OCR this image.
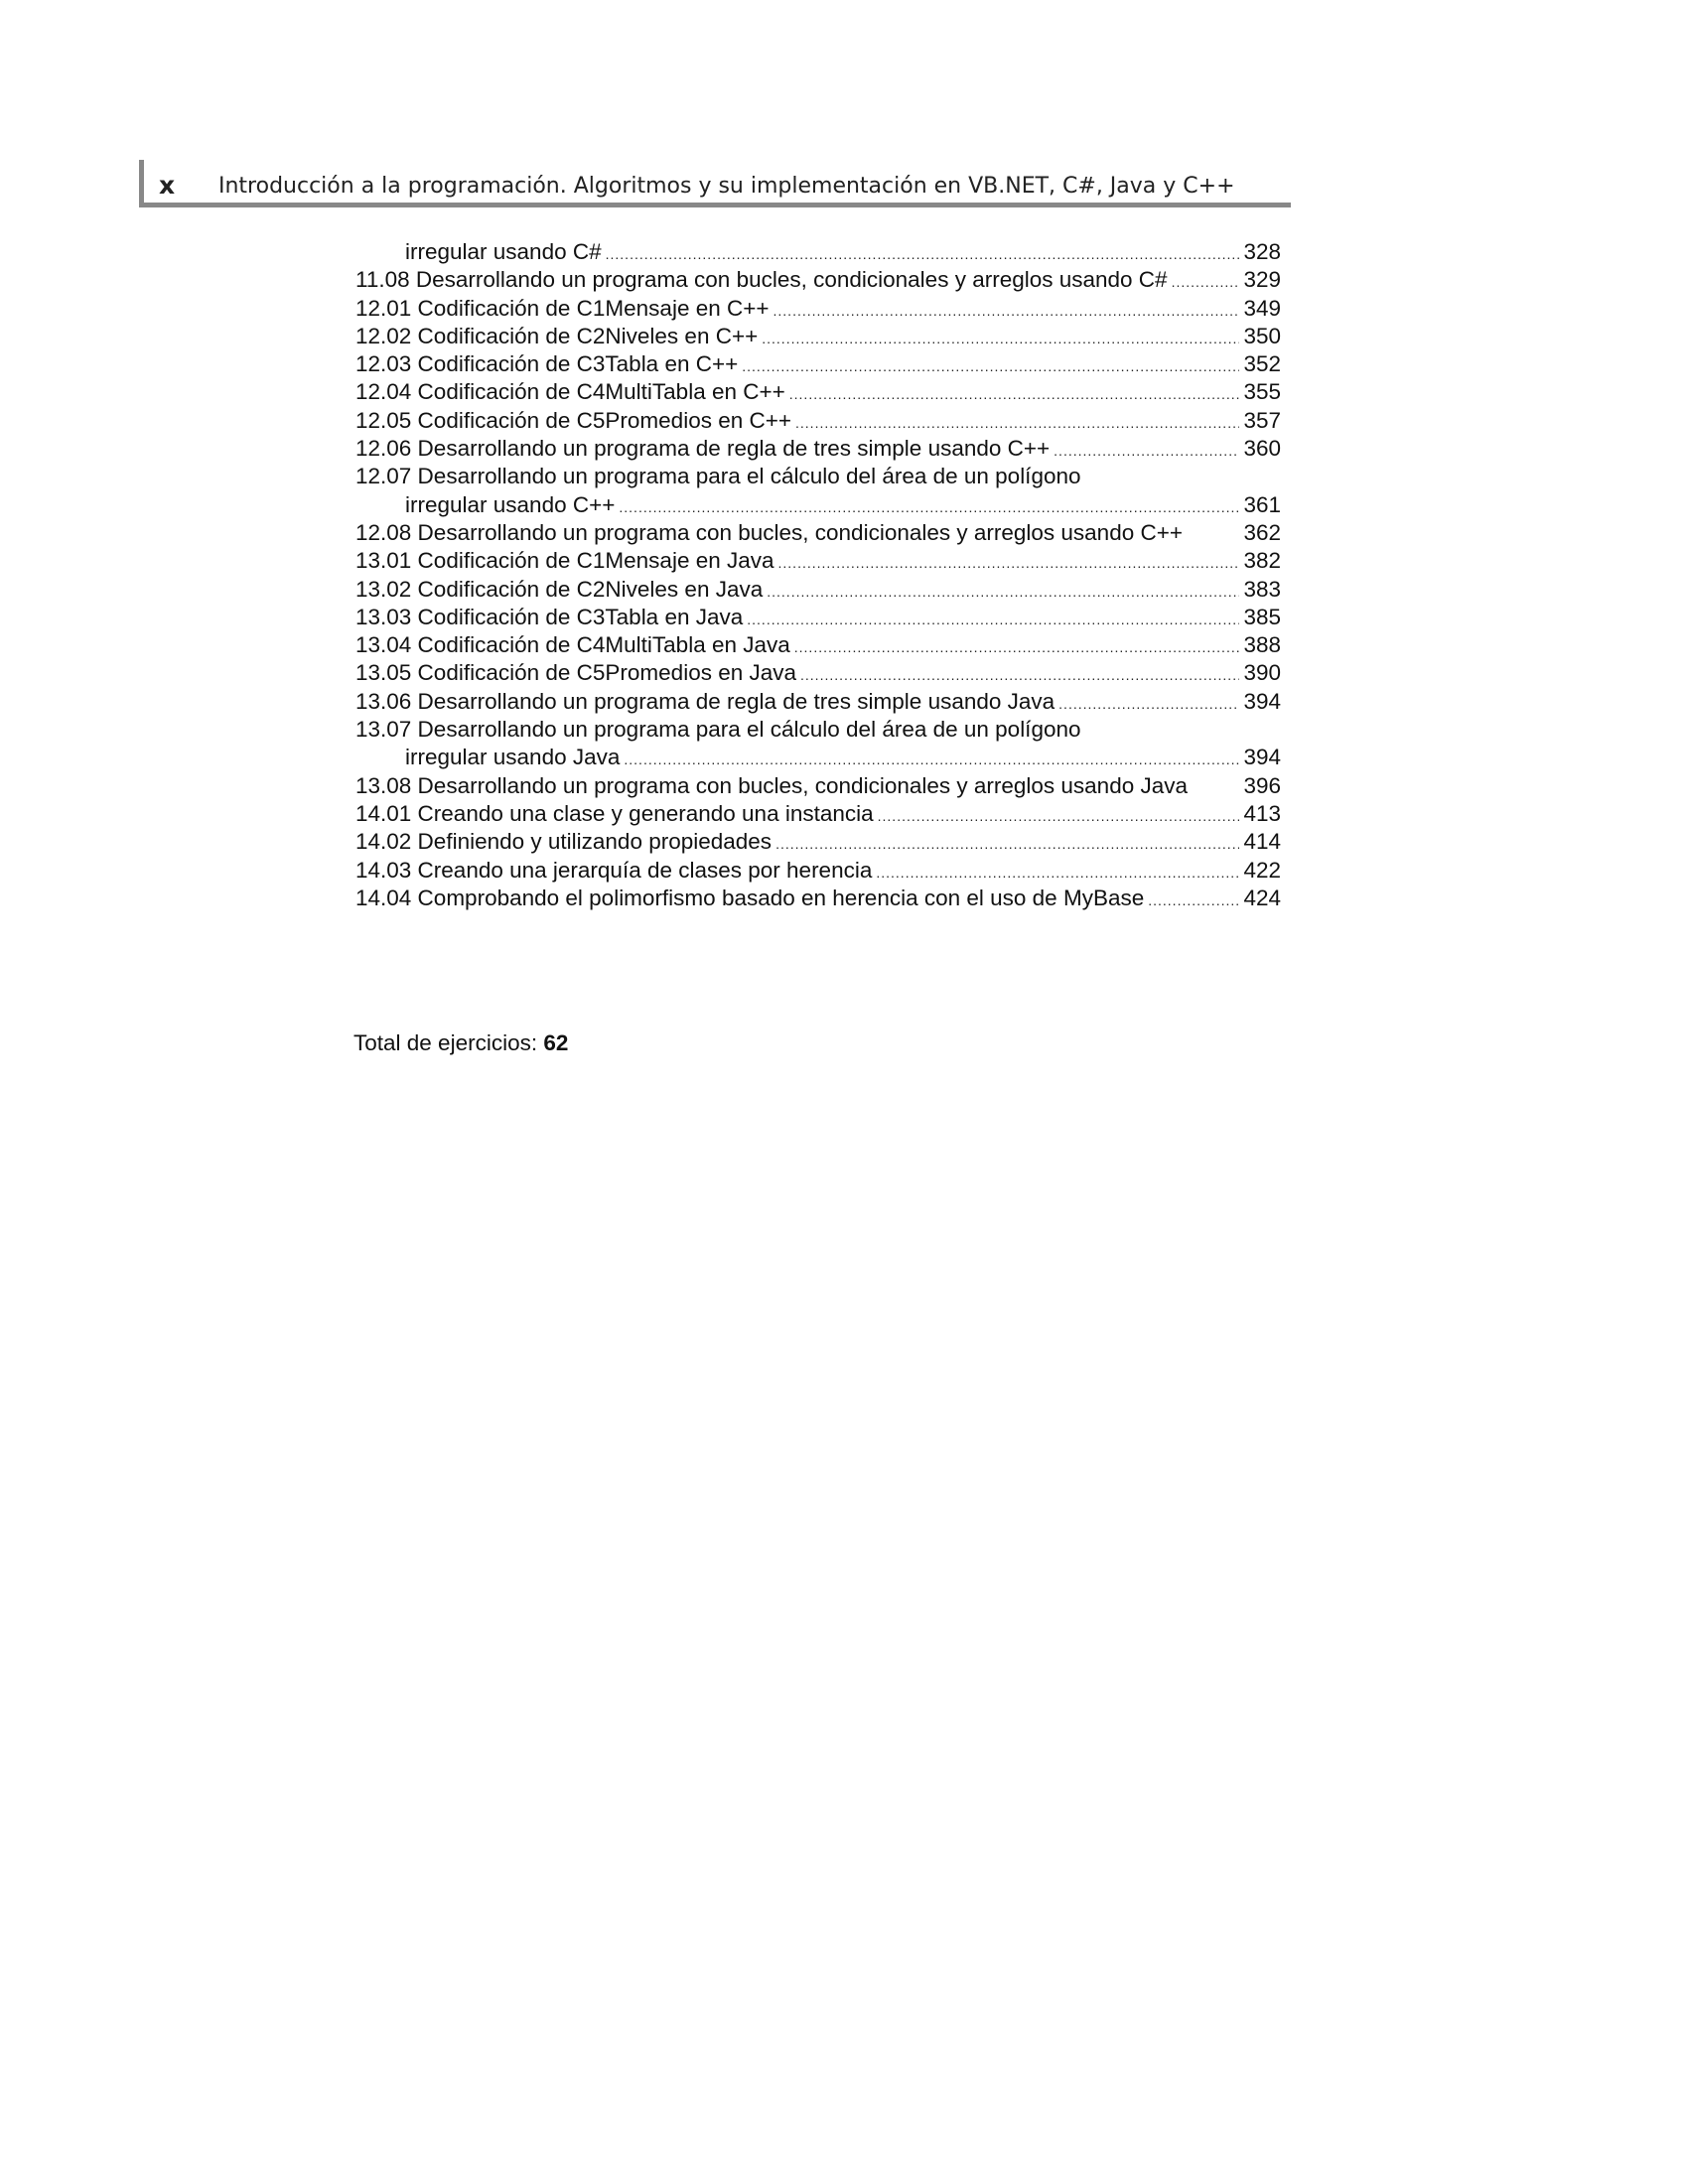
x Introducción a la programación. Algoritmos y su implementación en VB.NET, C#, Java y C++
irregular usando C# .....	328
11.08 Desarrollando un programa con bucles, condicionales y arreglos usando C# .....	329
12.01 Codificación de C1Mensaje en C++ .....	349
12.02 Codificación de C2Niveles en C++ .....	350
12.03 Codificación de C3Tabla en C++ .....	352
12.04 Codificación de C4MultiTabla en C++ .....	355
12.05 Codificación de C5Promedios en C++ .....	357
12.06 Desarrollando un programa de regla de tres simple usando C++ .....	360
12.07 Desarrollando un programa para el cálculo del área de un polígono
irregular usando C++ .....	361
12.08 Desarrollando un programa con bucles, condicionales y arreglos usando C++	362
13.01 Codificación de C1Mensaje en Java .....	382
13.02 Codificación de C2Niveles en Java .....	383
13.03 Codificación de C3Tabla en Java .....	385
13.04 Codificación de C4MultiTabla en Java .....	388
13.05 Codificación de C5Promedios en Java .....	390
13.06 Desarrollando un programa de regla de tres simple usando Java .....	394
13.07 Desarrollando un programa para el cálculo del área de un polígono
irregular usando Java .....	394
13.08 Desarrollando un programa con bucles, condicionales y arreglos usando Java	396
14.01 Creando una clase y generando una instancia .....	413
14.02 Definiendo y utilizando propiedades .....	414
14.03 Creando una jerarquía de clases por herencia .....	422
14.04 Comprobando el polimorfismo basado en herencia con el uso de MyBase .....	424
Total de ejercicios: 62
